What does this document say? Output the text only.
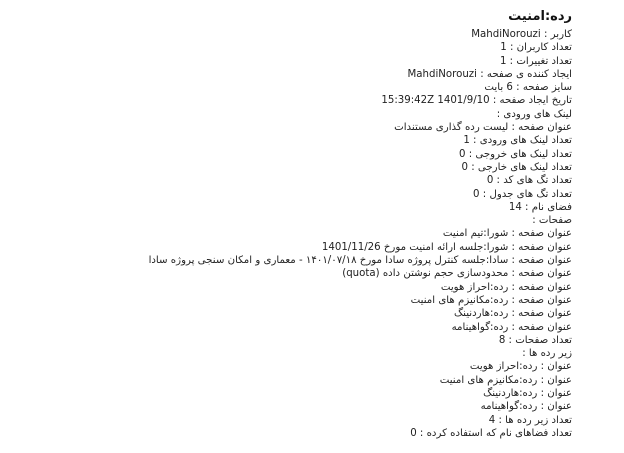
رده:امنیت
کاربر : MahdiNorouzi
تعداد کاربران : 1
تعداد تغییرات : 1
ایجاد کننده ی صفحه : MahdiNorouzi
سایز صفحه : 6 بایت
تاریخ ایجاد صفحه : 1401/9/10 15:39:42Z
لینک های ورودی :
عنوان صفحه : لیست رده گذاری مستندات
تعداد لینک های ورودی : 1
تعداد لینک های خروجی : 0
تعداد لینک های خارجی : 0
تعداد تگ های کد : 0
تعداد تگ های جدول : 0
فضای نام : 14
صفحات :
عنوان صفحه : شورا:تیم امنیت
عنوان صفحه : شورا:جلسه ارائه امنیت مورخ 1401/11/26
عنوان صفحه : سادا:جلسه کنترل پروژه سادا مورخ ۱۴۰۱/۰۷/۱۸ - معماری و امکان سنجی پروژه سادا
عنوان صفحه : محدودسازی حجم نوشتن داده (quota)
عنوان صفحه : رده:احراز هویت
عنوان صفحه : رده:مکانیزم های امنیت
عنوان صفحه : رده:هاردنینگ
عنوان صفحه : رده:گواهینامه
تعداد صفحات : 8
زیر رده ها :
عنوان : رده:احراز هویت
عنوان : رده:مکانیزم های امنیت
عنوان : رده:هاردنینگ
عنوان : رده:گواهینامه
تعداد زیر رده ها : 4
تعداد فضاهای نام که استفاده کرده : 0
